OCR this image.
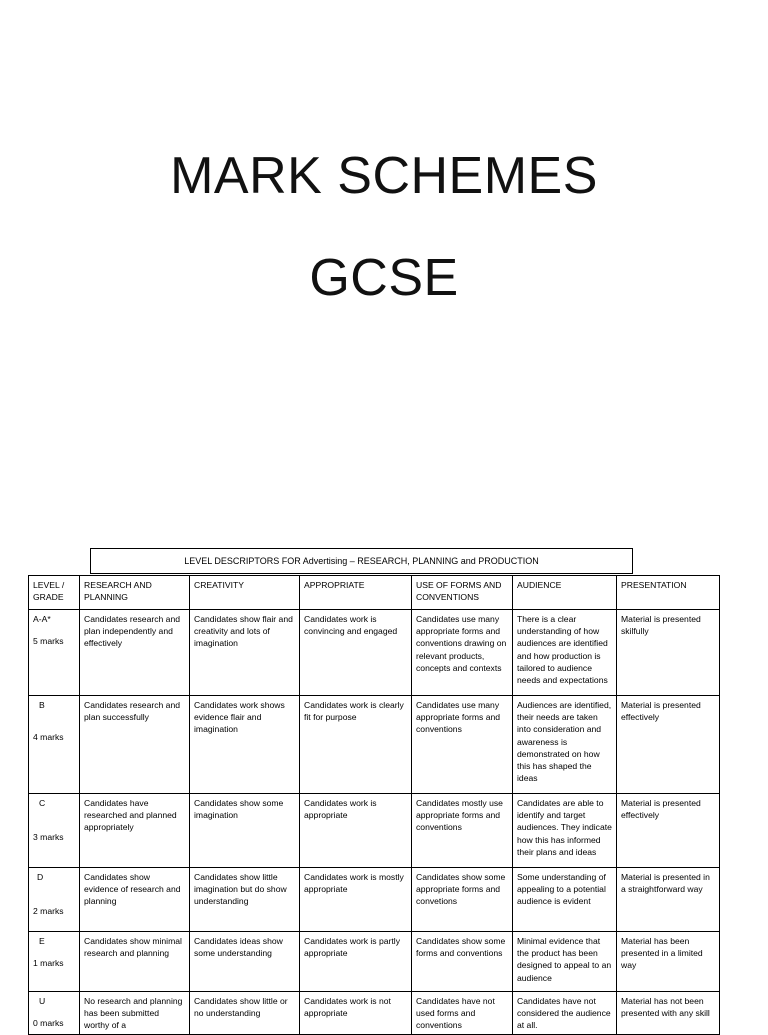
MARK SCHEMES
GCSE
LEVEL DESCRIPTORS FOR Advertising – RESEARCH, PLANNING and PRODUCTION
LEVEL / GRADE	RESEARCH AND PLANNING	CREATIVITY	APPROPRIATE	USE OF FORMS AND CONVENTIONS	AUDIENCE	PRESENTATION

A-A*
5 marks	Candidates research and plan independently and effectively	Candidates show flair and creativity and lots of imagination	Candidates work is convincing and engaged	Candidates use many appropriate forms and conventions drawing on relevant products, concepts and contexts	There is a clear understanding of how audiences are identified and how production is tailored to audience needs and expectations	Material is presented skilfully

B
4 marks	Candidates research and plan successfully	Candidates work shows evidence flair and imagination	Candidates work is clearly fit for purpose	Candidates use many appropriate forms and conventions	Audiences are identified, their needs are taken into consideration and awareness is demonstrated on how this has shaped the ideas	Material is presented effectively

C
3 marks	Candidates have researched and planned appropriately	Candidates show some imagination	Candidates work is appropriate	Candidates mostly use appropriate forms and conventions	Candidates are able to identify and target audiences. They indicate how this has informed their plans and ideas	Material is presented effectively

D
2 marks	Candidates show evidence of research and planning	Candidates show little imagination but do show understanding	Candidates work is mostly appropriate	Candidates show some appropriate forms and convetions	Some understanding of appealing to a potential audience is evident	Material is presented in a straightforward way

E
1 marks	Candidates show minimal research and planning	Candidates ideas show some understanding	Candidates work is partly appropriate	Candidates show some forms and conventions	Minimal evidence that the product has been designed to appeal to an audience	Material has been presented in a limited way

U
0 marks	No research and planning has been submitted worthy of a	Candidates show little or no understanding	Candidates work is not appropriate	Candidates have not used forms and conventions	Candidates have not considered the audience at all.	Material has not been presented with any skill
